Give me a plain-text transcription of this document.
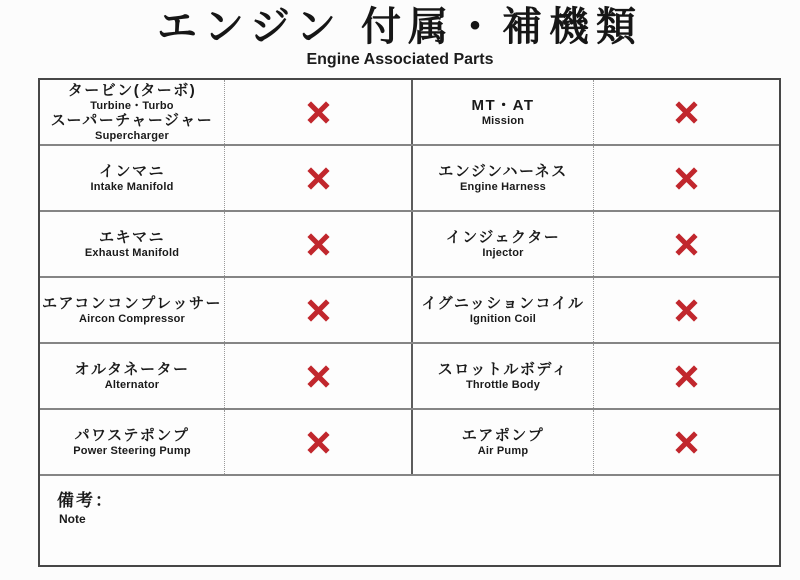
エンジン 付属・補機類
Engine Associated Parts
タービン(ターボ)
Turbine・Turbo
スーパーチャージャー
Supercharger
MT・AT
Mission
インマニ
Intake Manifold
エンジンハーネス
Engine Harness
エキマニ
Exhaust Manifold
インジェクター
Injector
エアコンコンプレッサー
Aircon Compressor
イグニッションコイル
Ignition Coil
オルタネーター
Alternator
スロットルボディ
Throttle Body
パワステポンプ
Power Steering Pump
エアポンプ
Air Pump
備考：
Note
